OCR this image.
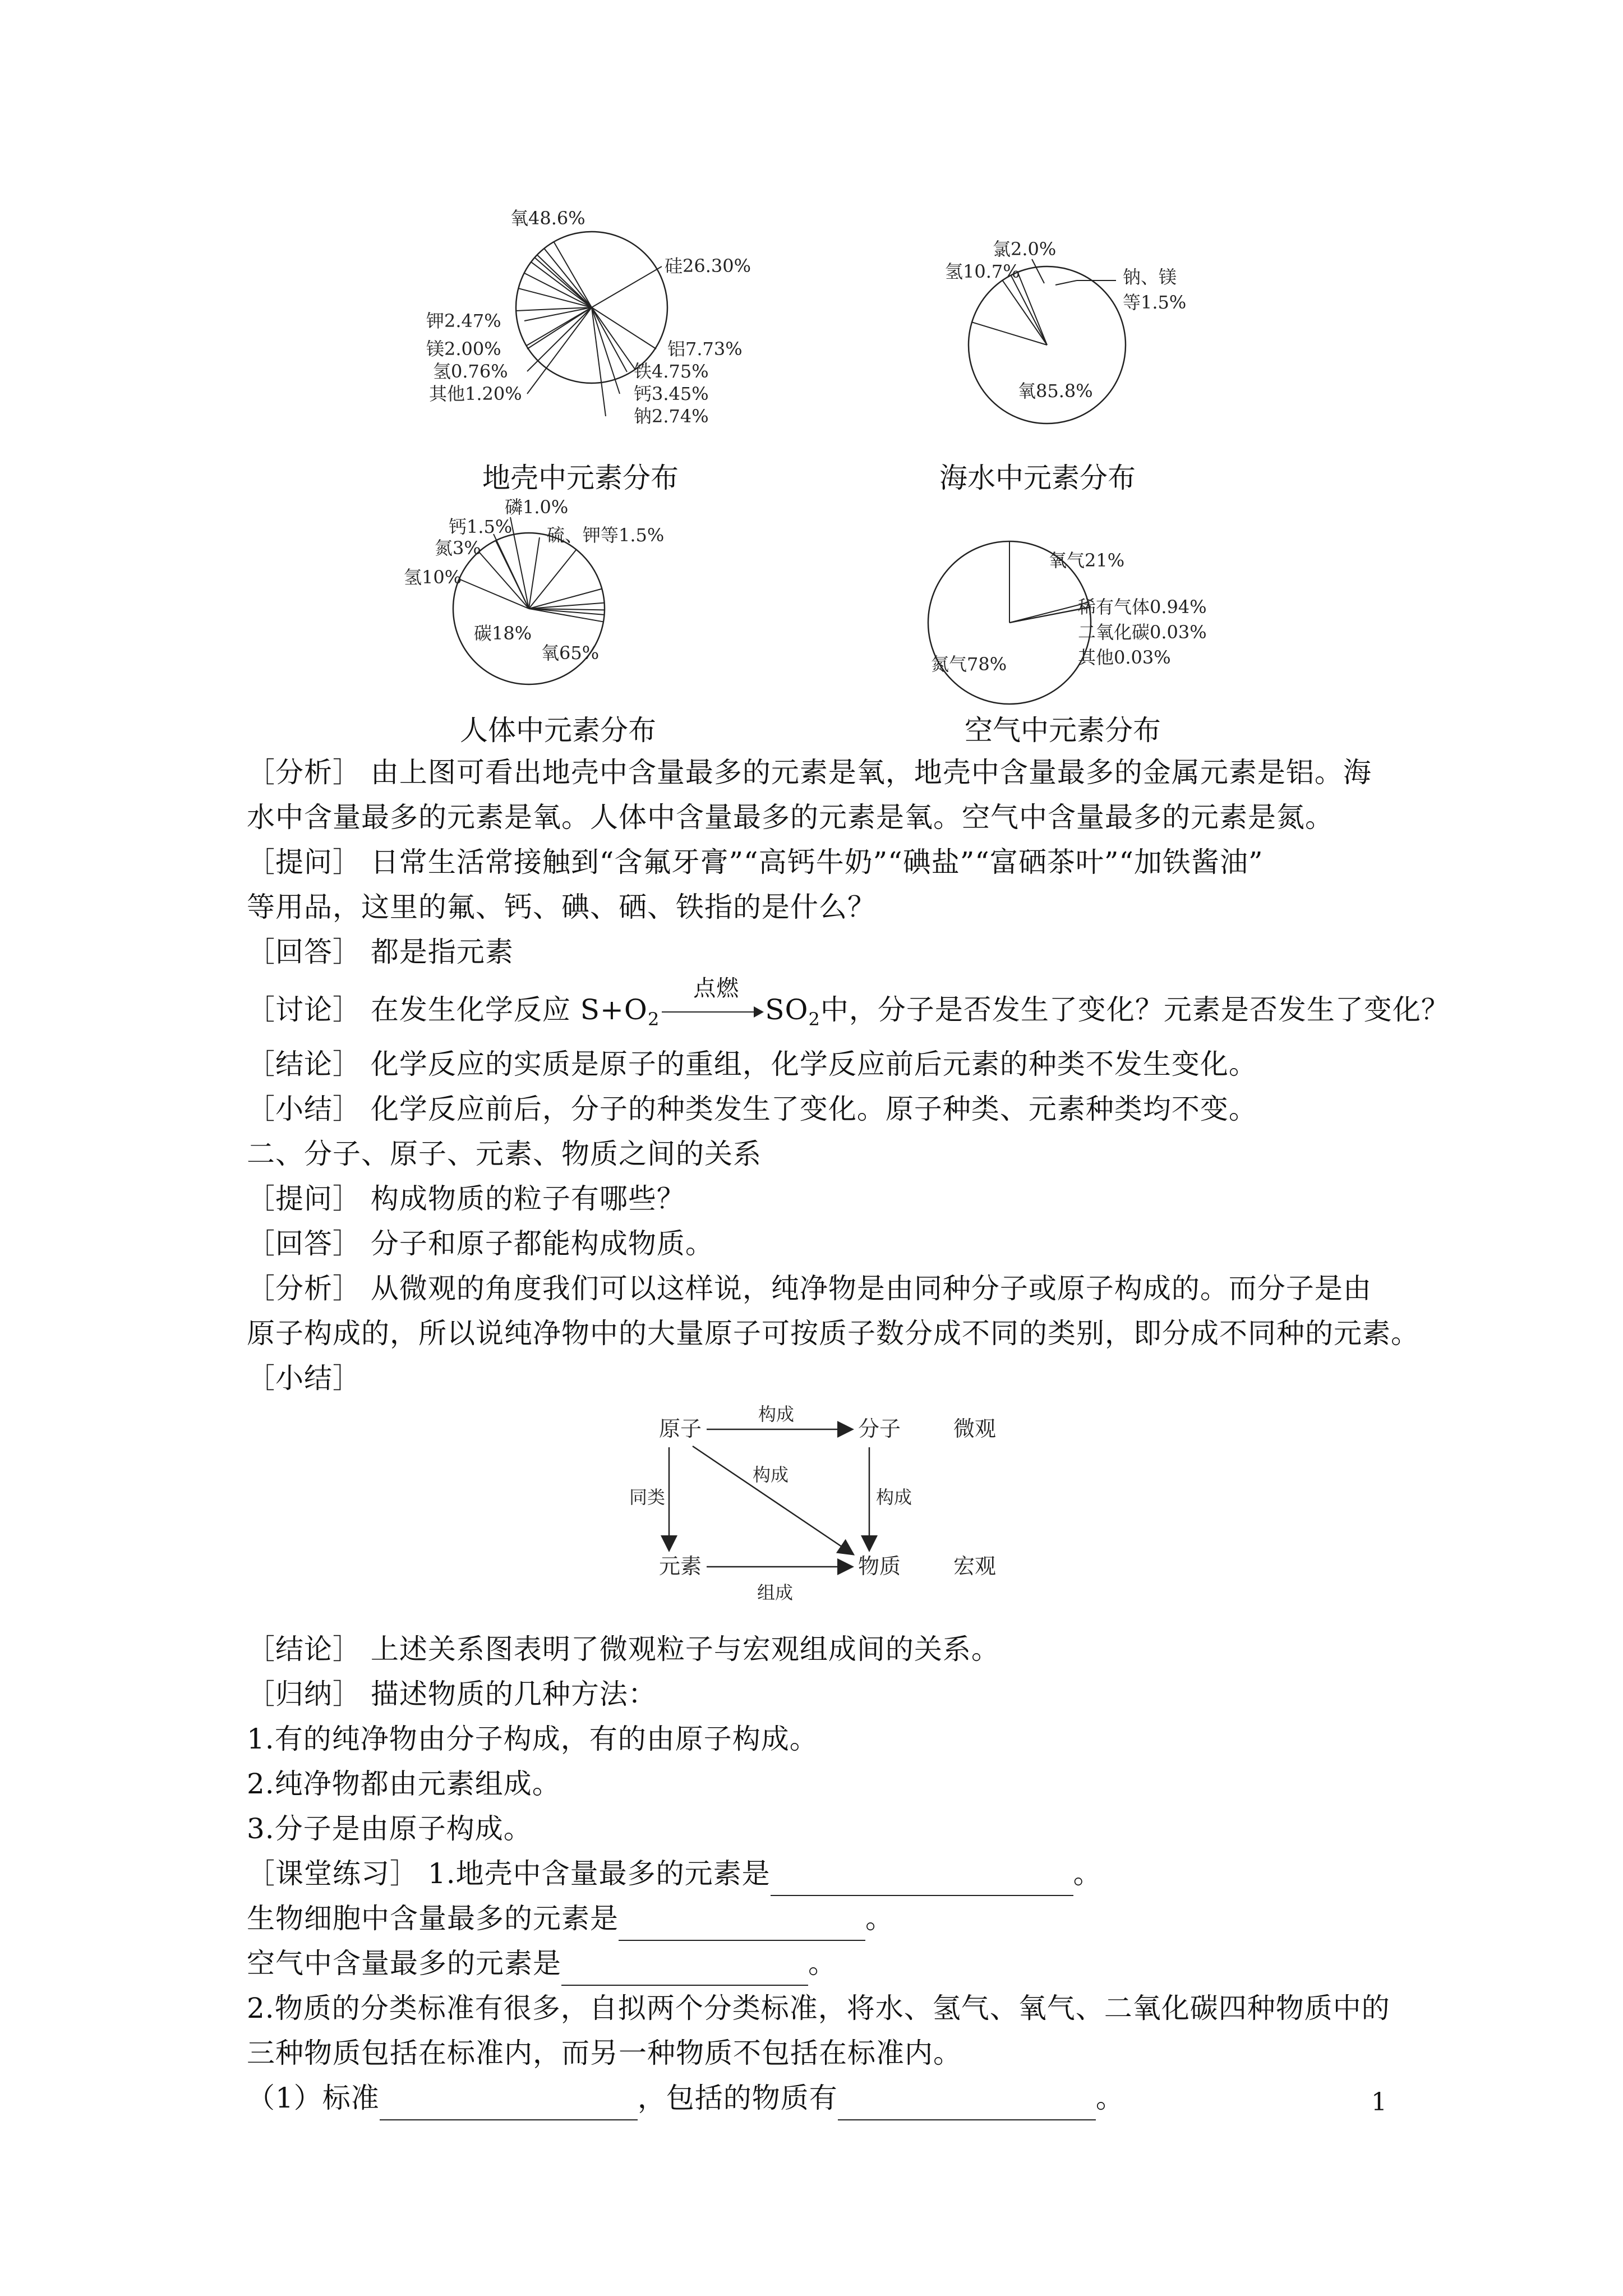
氧48.6%
硅26.30%
铝7.73%
铁4.75%
钙3.45%
钠2.74%
其他1.20%
氢0.76%
镁2.00%
钾2.47%
地壳中元素分布
氧85.8%
氢10.7%
氯2.0%
钠、镁
等1.5%
海水中元素分布
氧65%
碳18%
氢10%
氮3%
钙1.5%
磷1.0%
硫、钾等1.5%
人体中元素分布
氧气21%
稀有气体0.94%
二氧化碳0.03%
其他0.03%
氮气78%
空气中元素分布
［分析］ 由上图可看出地壳中含量最多的元素是氧，地壳中含量最多的金属元素是铝。海
水中含量最多的元素是氧。人体中含量最多的元素是氧。空气中含量最多的元素是氮。
［提问］ 日常生活常接触到“含氟牙膏”“高钙牛奶”“碘盐”“富硒茶叶”“加铁酱油”
等用品，这里的氟、钙、碘、硒、铁指的是什么？
［回答］ 都是指元素
［讨论］ 在发生化学反应 $S+O_2$
点燃
$SO_2$中，分子是否发生了变化？元素是否发生了变化？
［结论］ 化学反应的实质是原子的重组，化学反应前后元素的种类不发生变化。
［小结］ 化学反应前后，分子的种类发生了变化。原子种类、元素种类均不变。
二、分子、原子、元素、物质之间的关系
［提问］ 构成物质的粒子有哪些？
［回答］ 分子和原子都能构成物质。
［分析］ 从微观的角度我们可以这样说，纯净物是由同种分子或原子构成的。而分子是由
原子构成的，所以说纯净物中的大量原子可按质子数分成不同的类别，即分成不同种的元素。
［小结］
原子	分子 微观
元素	物质 宏观
构成
同类
构成
构成
组成
［结论］ 上述关系图表明了微观粒子与宏观组成间的关系。
［归纳］ 描述物质的几种方法：
1.有的纯净物由分子构成，有的由原子构成。
2.纯净物都由元素组成。
3.分子是由原子构成。
［课堂练习］ 1.地壳中含量最多的元素是	。
生物细胞中含量最多的元素是	。
空气中含量最多的元素是	。
2.物质的分类标准有很多，自拟两个分类标准，将水、氢气、氧气、二氧化碳四种物质中的
三种物质包括在标准内，而另一种物质不包括在标准内。
（1）标准	，包括的物质有	。	1
